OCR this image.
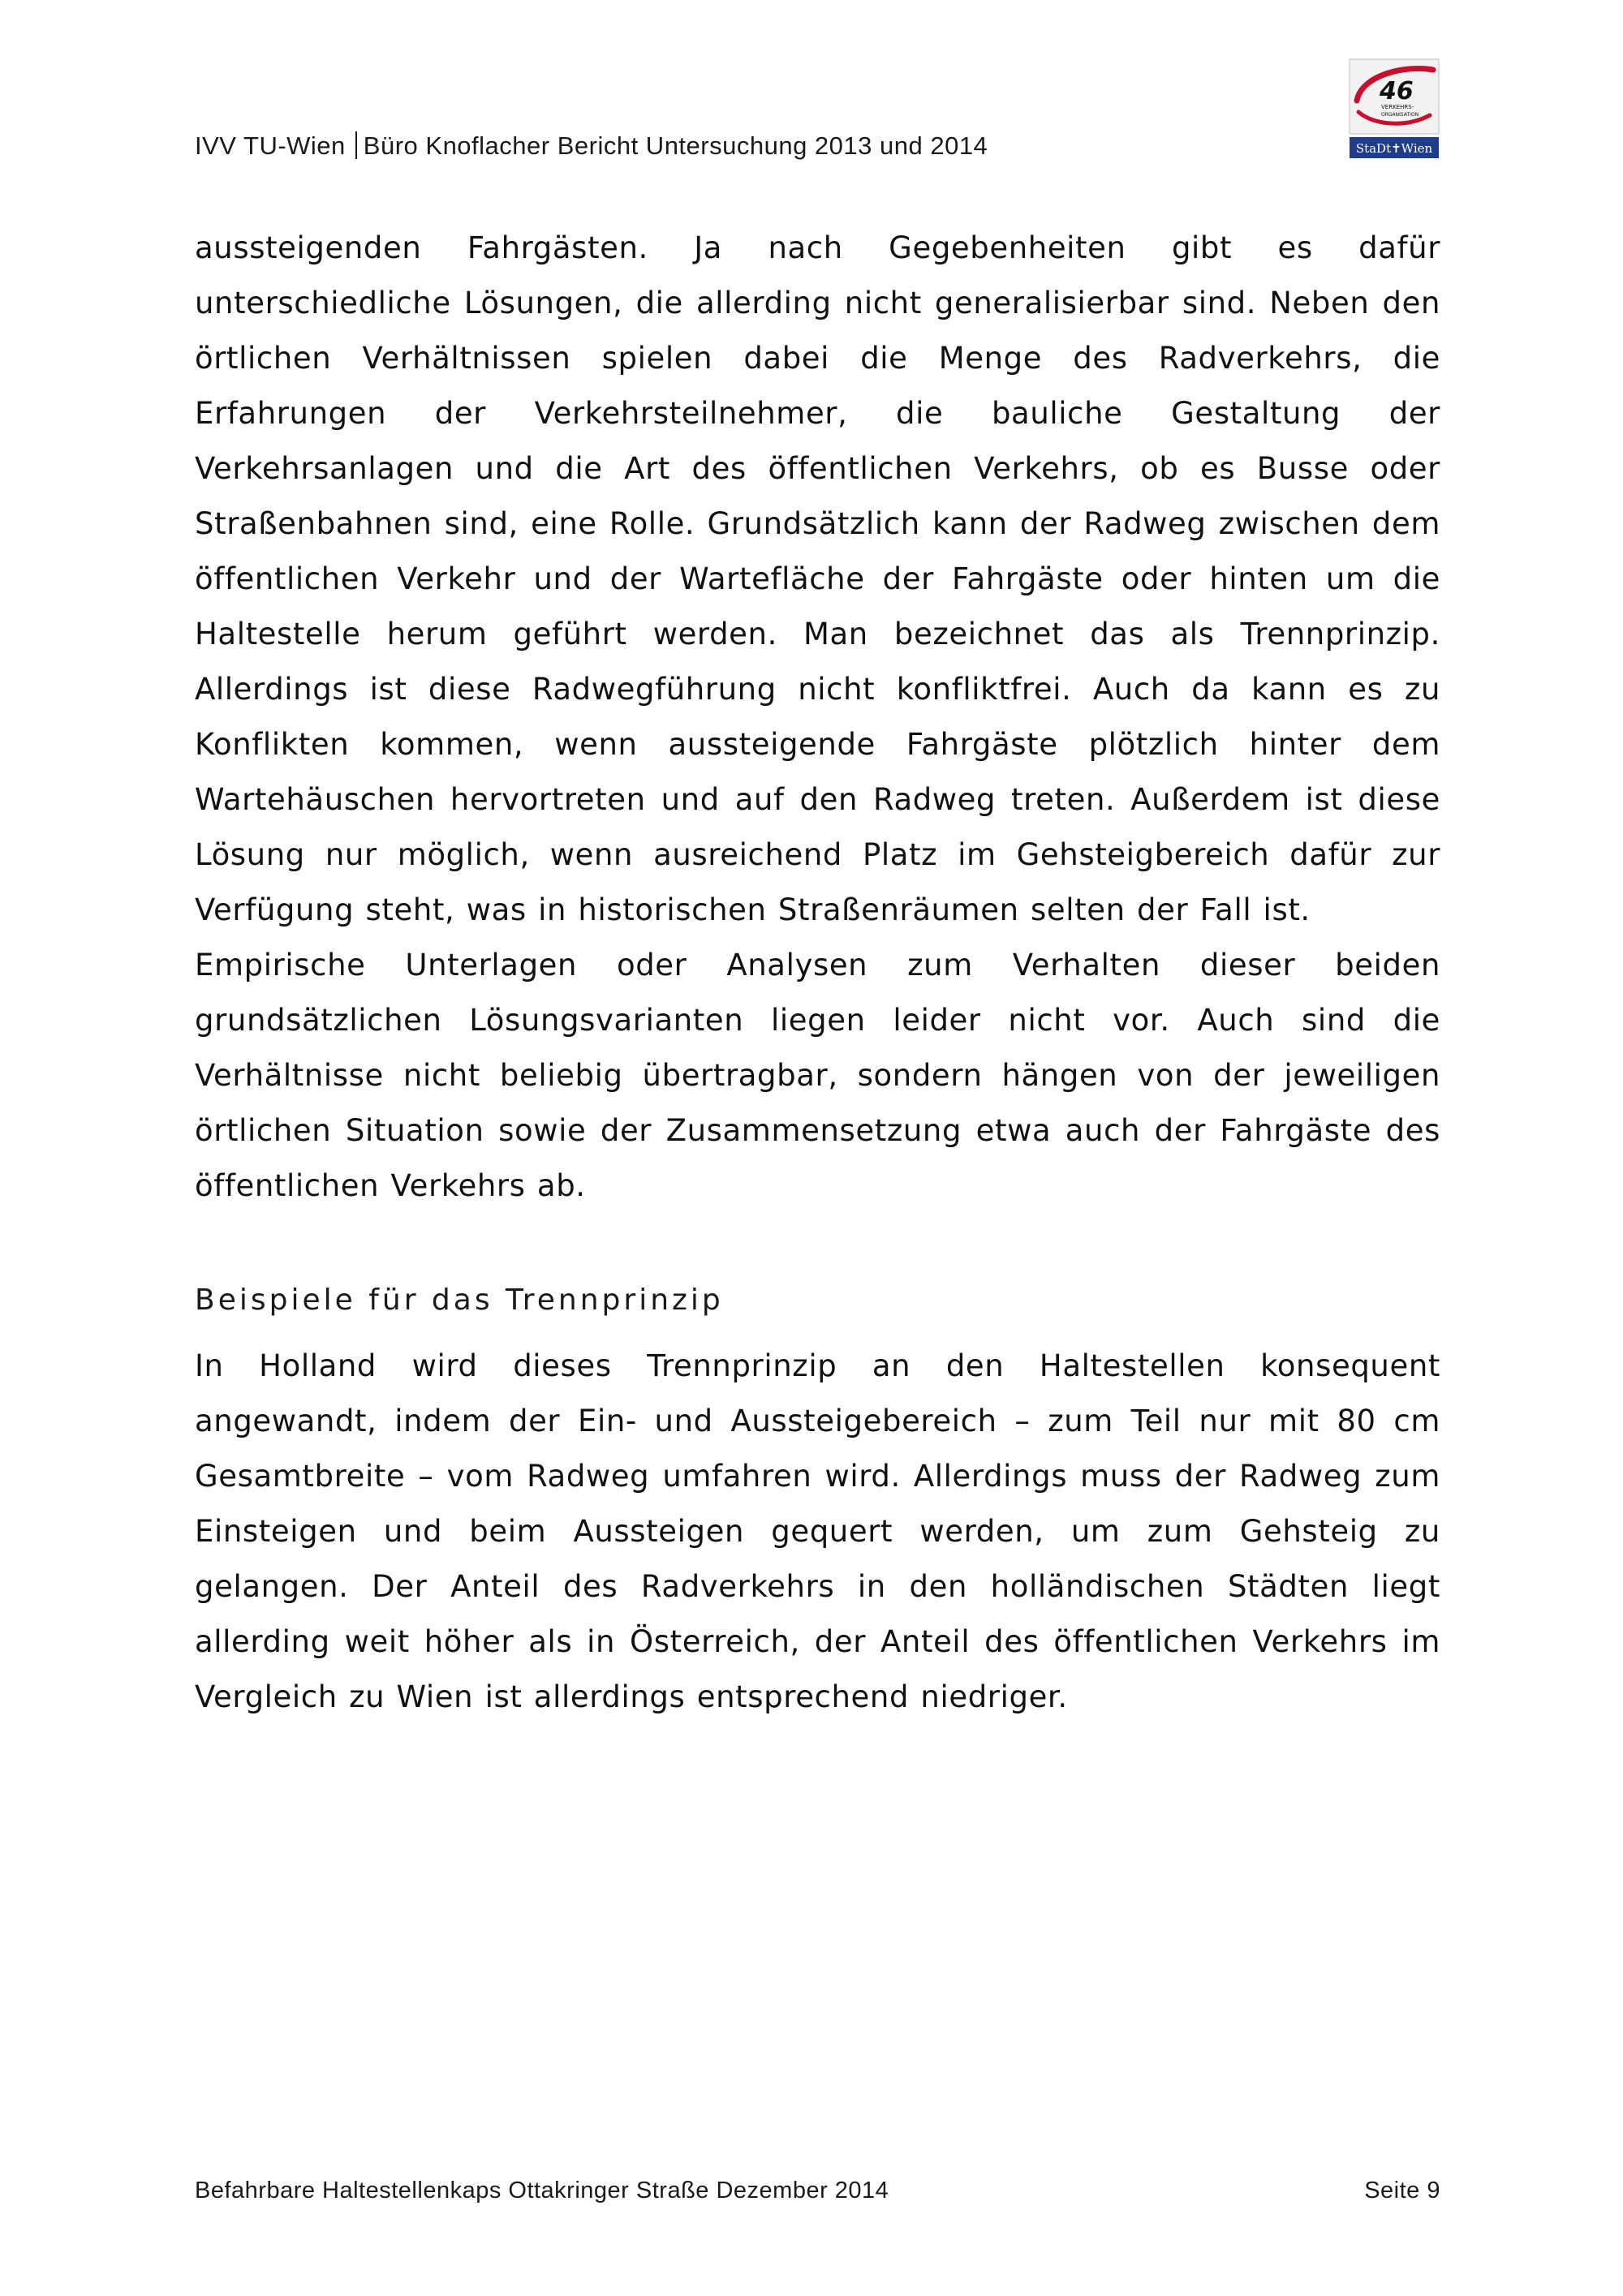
IVV TU-Wien Büro Knoflacher Bericht Untersuchung 2013 und 2014
46
VERKEHRS-
ORGANISATION
StaDt✝Wien

aussteigenden Fahrgästen. Ja nach Gegebenheiten gibt es dafür unterschiedliche Lösungen, die allerding nicht generalisierbar sind. Neben den örtlichen Verhältnissen spielen dabei die Menge des Radverkehrs, die Erfahrungen der Verkehrsteilnehmer, die bauliche Gestaltung der Verkehrsanlagen und die Art des öffentlichen Verkehrs, ob es Busse oder Straßenbahnen sind, eine Rolle. Grundsätzlich kann der Radweg zwischen dem öffentlichen Verkehr und der Wartefläche der Fahrgäste oder hinten um die Haltestelle herum geführt werden. Man bezeichnet das als Trennprinzip. Allerdings ist diese Radwegführung nicht konfliktfrei. Auch da kann es zu Konflikten kommen, wenn aussteigende Fahrgäste plötzlich hinter dem Wartehäuschen hervortreten und auf den Radweg treten. Außerdem ist diese Lösung nur möglich, wenn ausreichend Platz im Gehsteigbereich dafür zur Verfügung steht, was in historischen Straßenräumen selten der Fall ist.

Empirische Unterlagen oder Analysen zum Verhalten dieser beiden grundsätzlichen Lösungsvarianten liegen leider nicht vor. Auch sind die Verhältnisse nicht beliebig übertragbar, sondern hängen von der jeweiligen örtlichen Situation sowie der Zusammensetzung etwa auch der Fahrgäste des öffentlichen Verkehrs ab.

Beispiele für das Trennprinzip

In Holland wird dieses Trennprinzip an den Haltestellen konsequent angewandt, indem der Ein- und Aussteigebereich – zum Teil nur mit 80 cm Gesamtbreite – vom Radweg umfahren wird. Allerdings muss der Radweg zum Einsteigen und beim Aussteigen gequert werden, um zum Gehsteig zu gelangen. Der Anteil des Radverkehrs in den holländischen Städten liegt allerding weit höher als in Österreich, der Anteil des öffentlichen Verkehrs im Vergleich zu Wien ist allerdings entsprechend niedriger.

Befahrbare Haltestellenkaps Ottakringer Straße Dezember 2014	Seite 9
